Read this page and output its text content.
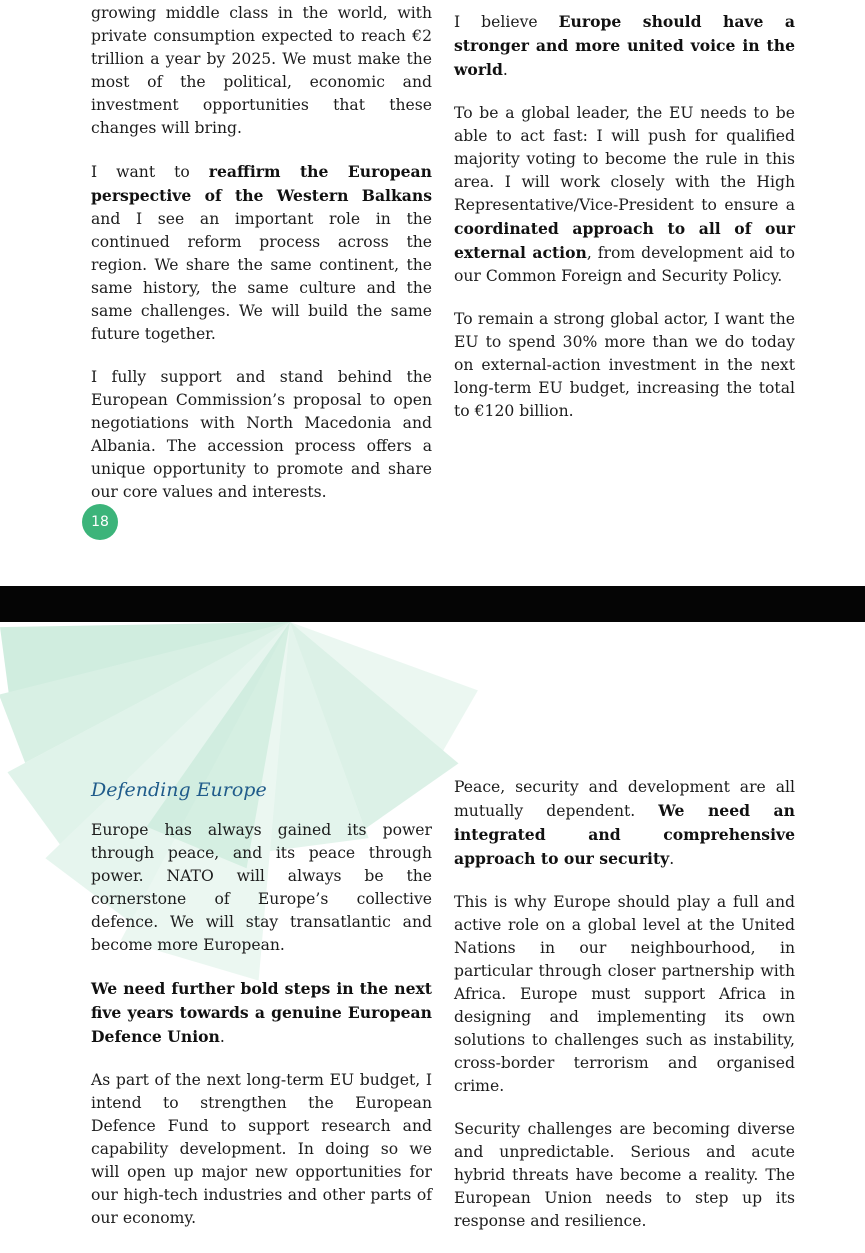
growing middle class in the world, with private consumption expected to reach €2 trillion a year by 2025. We must make the most of the political, economic and investment opportunities that these changes will bring.

I want to reaffirm the European perspective of the Western Balkans and I see an important role in the continued reform process across the region. We share the same continent, the same history, the same culture and the same challenges. We will build the same future together.

I fully support and stand behind the European Commission’s proposal to open negotiations with North Macedonia and Albania. The accession process offers a unique opportunity to promote and share our core values and interests.

I believe Europe should have a stronger and more united voice in the world.

To be a global leader, the EU needs to be able to act fast: I will push for qualified majority voting to become the rule in this area. I will work closely with the High Representative/Vice-President to ensure a coordinated approach to all of our external action, from development aid to our Common Foreign and Security Policy.

To remain a strong global actor, I want the EU to spend 30% more than we do today on external-action investment in the next long-term EU budget, increasing the total to €120 billion.

18
Defending Europe

Europe has always gained its power through peace, and its peace through power. NATO will always be the cornerstone of Europe’s collective defence. We will stay transatlantic and become more European.

We need further bold steps in the next five years towards a genuine European Defence Union.

As part of the next long-term EU budget, I intend to strengthen the European Defence Fund to support research and capability development. In doing so we will open up major new opportunities for our high-tech industries and other parts of our economy.

Peace, security and development are all mutually dependent. We need an integrated and comprehensive approach to our security.

This is why Europe should play a full and active role on a global level at the United Nations in our neighbourhood, in particular through closer partnership with Africa. Europe must support Africa in designing and implementing its own solutions to challenges such as instability, cross-border terrorism and organised crime.

Security challenges are becoming diverse and unpredictable. Serious and acute hybrid threats have become a reality. The European Union needs to step up its response and resilience.
